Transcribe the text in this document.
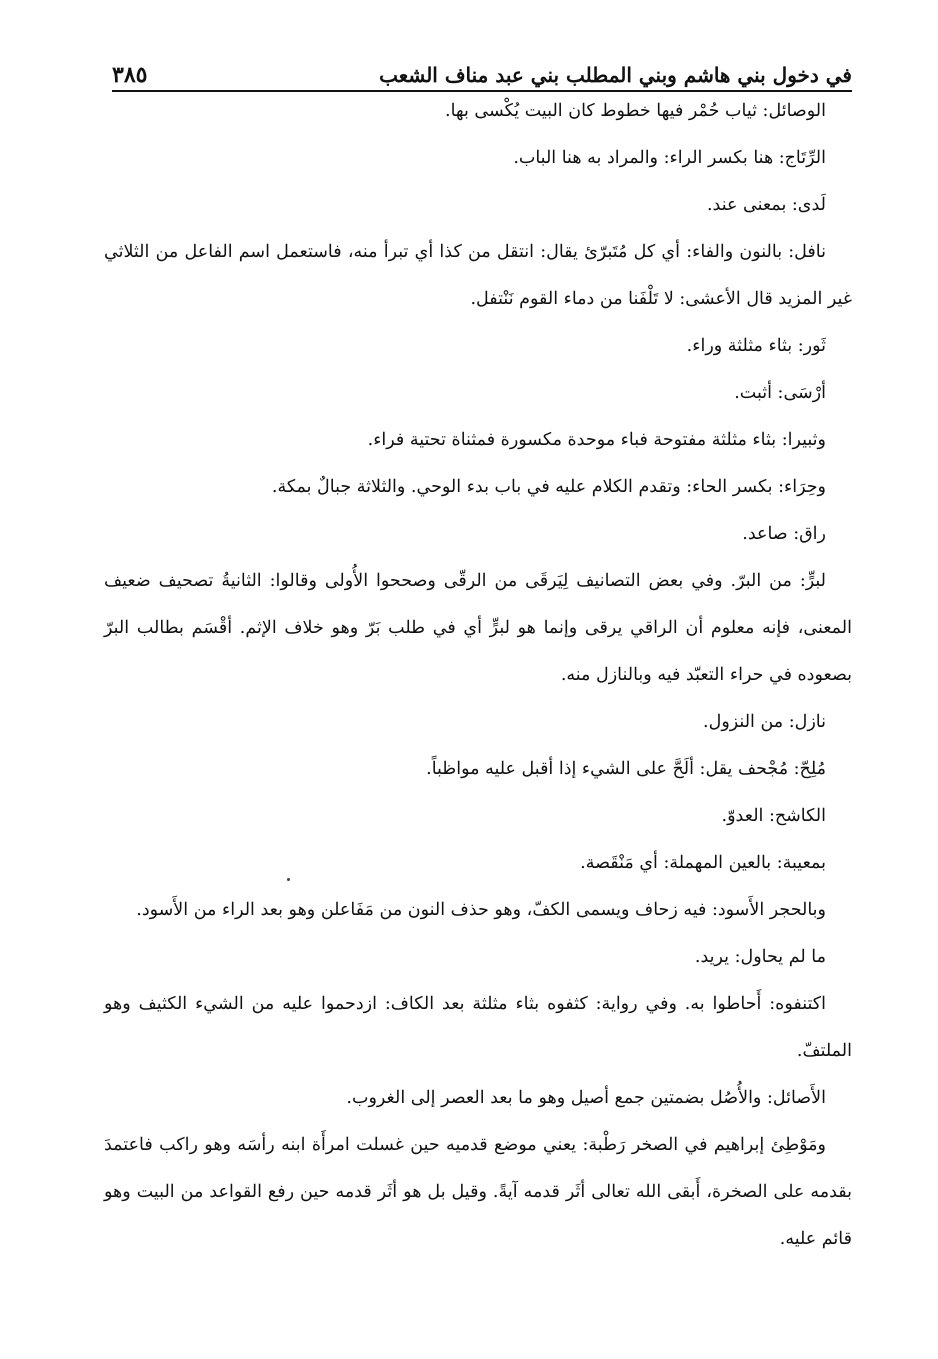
في دخول بني هاشم وبني المطلب بني عبد مناف الشعب
٣٨٥

الوصائل: ثياب حُمْر فيها خطوط كان البيت يُكْسى بها.

الرِّتَاج: هنا بكسر الراء: والمراد به هنا الباب.

لَدى: بمعنى عند.

نافل: بالنون والفاء: أي كل مُتَبرّئ يقال: انتقل من كذا أي تبرأ منه، فاستعمل اسم الفاعل من الثلاثي غير المزيد قال الأعشى: لا تَلْفَنا من دماء القوم نَنْتفل.

ثَور: بثاء مثلثة وراء.

أرْسَى: أثبت.

وثبيرا: بثاء مثلثة مفتوحة فباء موحدة مكسورة فمثناة تحتية فراء.

وحِرَاء: بكسر الحاء: وتقدم الكلام عليه في باب بدء الوحي. والثلاثة جبالٌ بمكة.

راق: صاعد.

لبرٍّ: من البرّ. وفي بعض التصانيف لِيَرقَى من الرقّى وصححوا الأُولى وقالوا: الثانيةُ تصحيف ضعيف المعنى، فإنه معلوم أن الراقي يرقى وإنما هو لبرٍّ أي في طلب بَرّ وهو خلاف الإثم. أقْسَم بطالب البرّ بصعوده في حراء التعبّد فيه وبالنازل منه.

نازل: من النزول.

مُلِحّ: مُجْحف يقل: ألَحَّ على الشيء إذا أقبل عليه مواظباً.

الكاشح: العدوّ.

بمعيبة: بالعين المهملة: أي مَنْقَصة.

وبالحجر الأَسود: فيه زحاف ويسمى الكفّ، وهو حذف النون من مَفَاعلن وهو بعد الراء من الأَسود.

ما لم يحاول: يريد.

اكتنفوه: أَحاطوا به. وفي رواية: كثفوه بثاء مثلثة بعد الكاف: ازدحموا عليه من الشيء الكثيف وهو الملتفّ.

الأَصائل: والأُصُل بضمتين جمع أصيل وهو ما بعد العصر إلى الغروب.

ومَوْطِئ إبراهيم في الصخر رَطْبة: يعني موضع قدميه حين غسلت امرأَة ابنه رأسَه وهو راكب فاعتمدَ بقدمه على الصخرة، أَبقى الله تعالى أثَر قدمه آيةً. وقيل بل هو أثَر قدمه حين رفع القواعد من البيت وهو قائم عليه.
